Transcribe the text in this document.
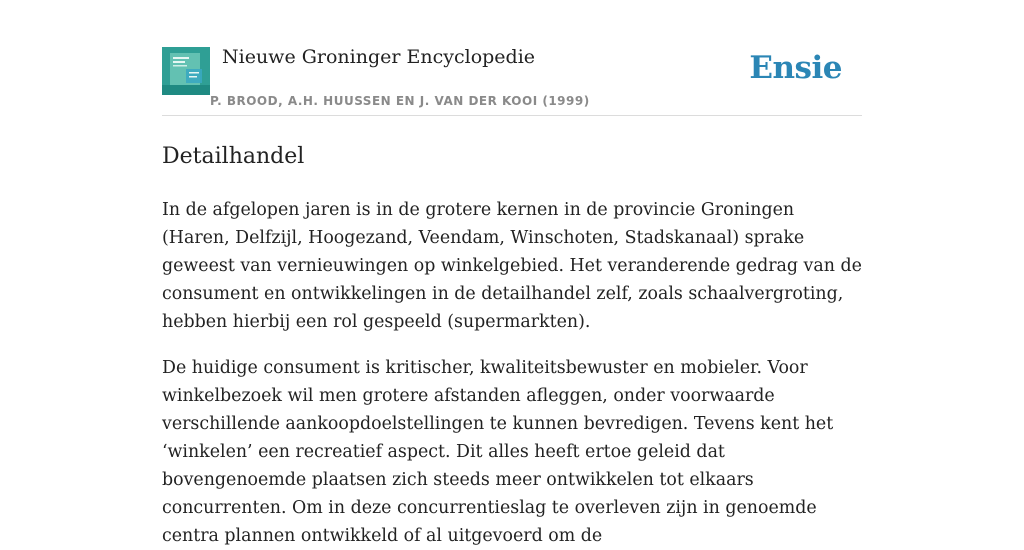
Nieuwe Groninger Encyclopedie
P. BROOD, A.H. HUUSSEN EN J. VAN DER KOOI (1999)
Ensie
Detailhandel

In de afgelopen jaren is in de grotere kernen in de provincie Groningen (Haren, Delfzijl, Hoogezand, Veendam, Winschoten, Stadskanaal) sprake geweest van vernieuwingen op winkelgebied. Het veranderende gedrag van de consument en ontwikkelingen in de detailhandel zelf, zoals schaalvergroting, hebben hierbij een rol gespeeld (supermarkten).

De huidige consument is kritischer, kwaliteitsbewuster en mobieler. Voor winkelbezoek wil men grotere afstanden afleggen, onder voorwaarde verschillende aankoopdoelstellingen te kunnen bevredigen. Tevens kent het ‘winkelen’ een recreatief aspect. Dit alles heeft ertoe geleid dat bovengenoemde plaatsen zich steeds meer ontwikkelen tot elkaars concurrenten. Om in deze concurrentieslag te overleven zijn in genoemde centra plannen ontwikkeld of al uitgevoerd om de
